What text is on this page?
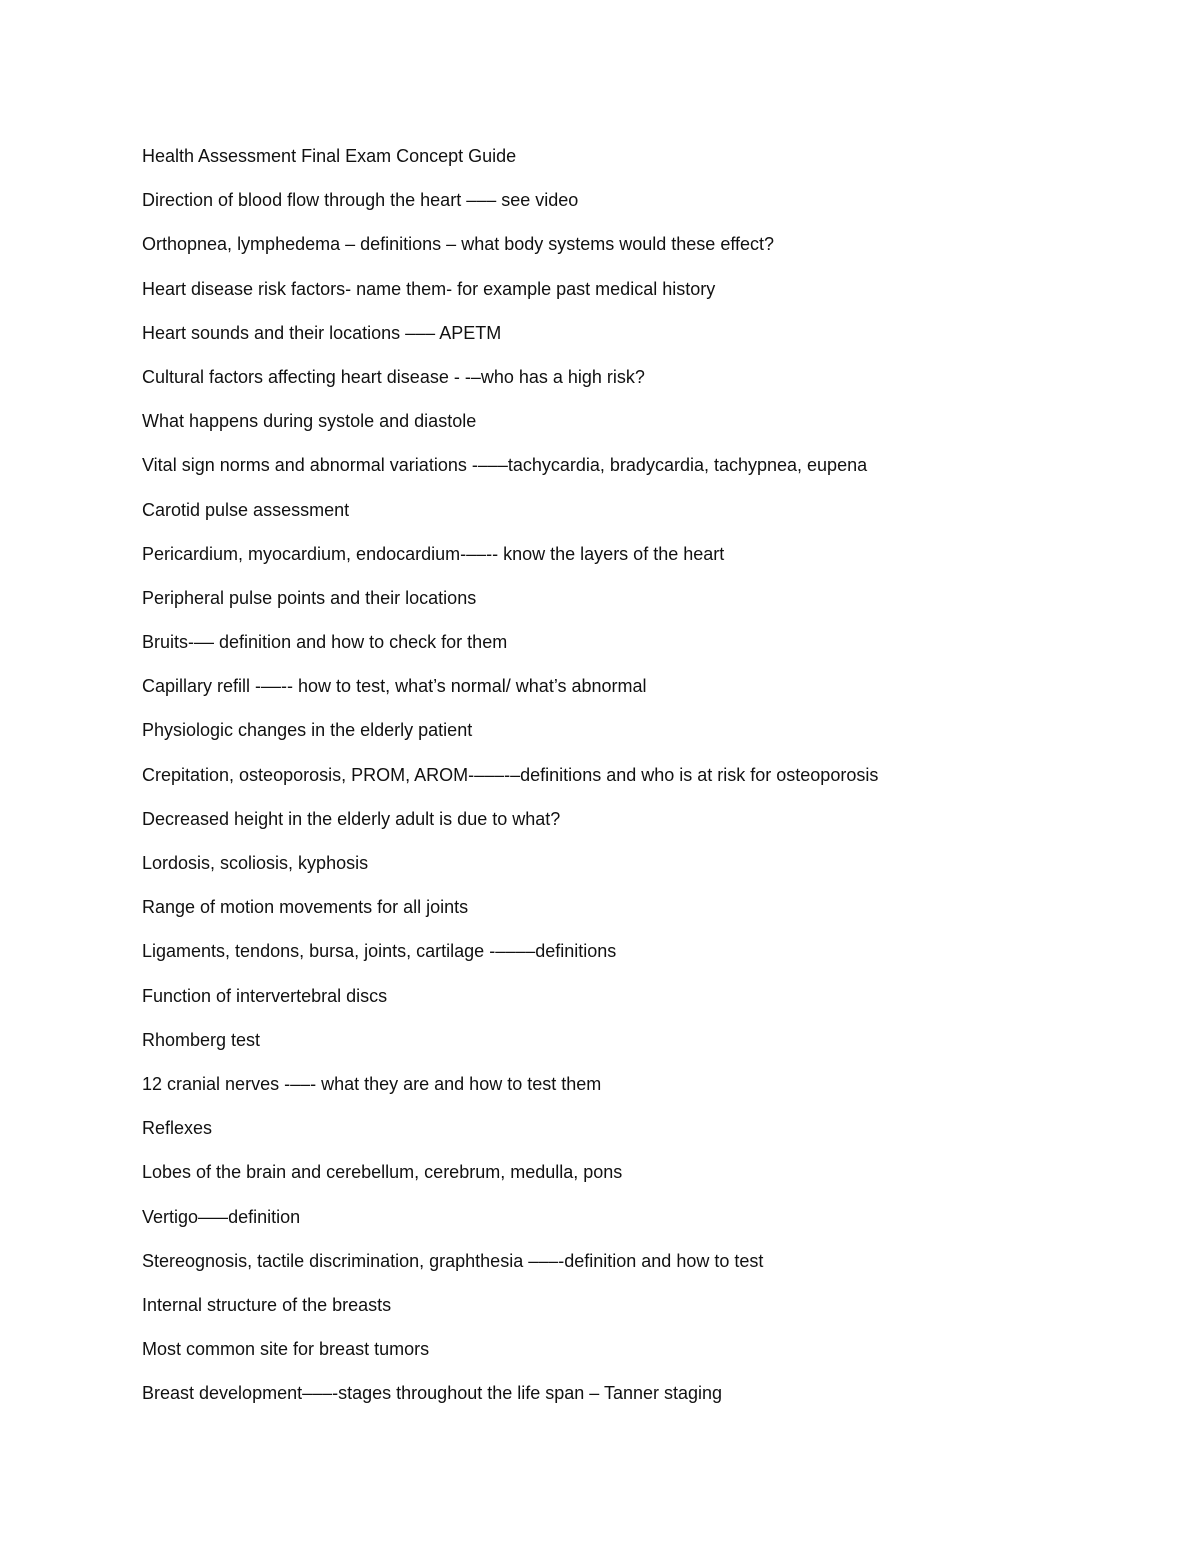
Health Assessment Final Exam Concept Guide
Direction of blood flow through the heart ––– see video
Orthopnea, lymphedema – definitions – what body systems would these effect?
Heart disease risk factors- name them- for example past medical history
Heart sounds and their locations ––– APETM
Cultural factors affecting heart disease - -–who has a high risk?
What happens during systole and diastole
Vital sign norms and abnormal variations -–––tachycardia, bradycardia, tachypnea, eupena
Carotid pulse assessment
Pericardium, myocardium, endocardium-––-- know the layers of the heart
Peripheral pulse points and their locations
Bruits-–– definition and how to check for them
Capillary refill -––-- how to test, what’s normal/ what’s abnormal
Physiologic changes in the elderly patient
Crepitation, osteoporosis, PROM, AROM-–––-–definitions and who is at risk for osteoporosis
Decreased height in the elderly adult is due to what?
Lordosis, scoliosis, kyphosis
Range of motion movements for all joints
Ligaments, tendons, bursa, joints, cartilage -––––definitions
Function of intervertebral discs
Rhomberg test
12 cranial nerves -––- what they are and how to test them
Reflexes
Lobes of the brain and cerebellum, cerebrum, medulla, pons
Vertigo–––definition
Stereognosis, tactile discrimination, graphthesia –––-definition and how to test
Internal structure of the breasts
Most common site for breast tumors
Breast development–––-stages throughout the life span – Tanner staging
